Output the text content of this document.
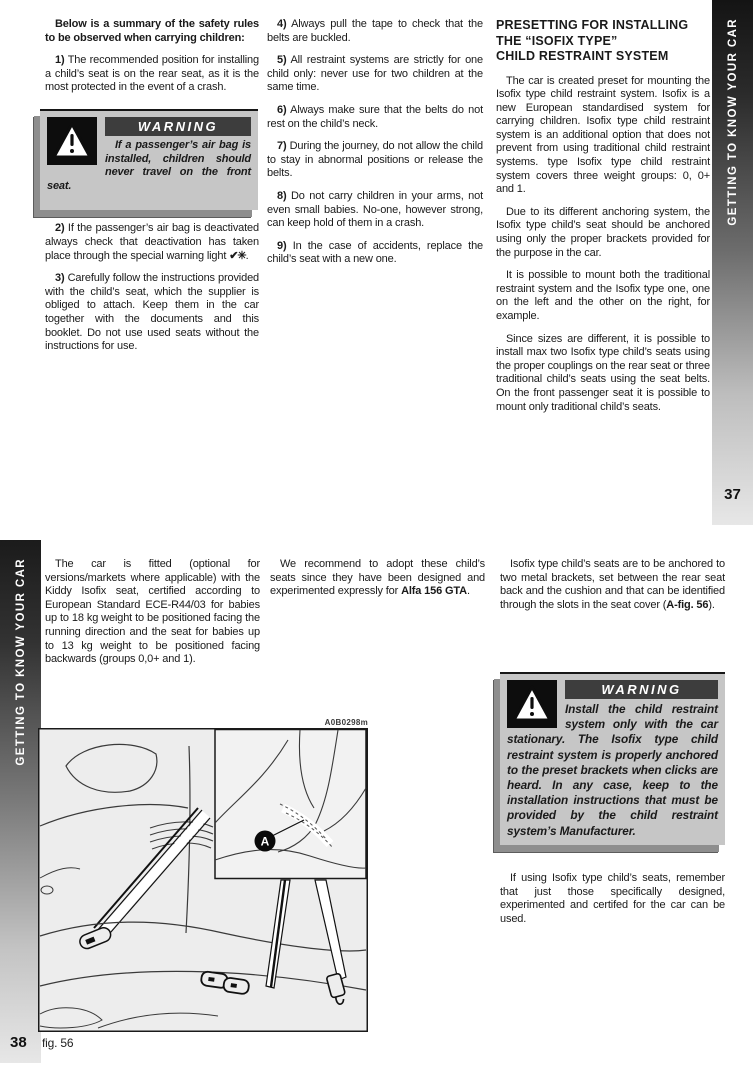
Below is a summary of the safety rules to be observed when carrying children:

1) The recommended position for installing a child’s seat is on the rear seat, as it is the most protected in the event of a crash.

WARNING

If a passenger’s air bag is installed, children should never travel on the front seat.

2) If the passenger’s air bag is deactivated always check that deactivation has taken place through the special warning light ✔✳.

3) Carefully follow the instructions provided with the child’s seat, which the supplier is obliged to attach. Keep them in the car together with the documents and this booklet. Do not use used seats without the instructions for use.

4) Always pull the tape to check that the belts are buckled.

5) All restraint systems are strictly for one child only: never use for two children at the same time.

6) Always make sure that the belts do not rest on the child’s neck.

7) During the journey, do not allow the child to stay in abnormal positions or release the belts.

8) Do not carry children in your arms, not even small babies. No-one, however strong, can keep hold of them in a crash.

9) In the case of accidents, replace the child’s seat with a new one.

PRESETTING FOR INSTALLING
THE “ISOFIX TYPE”
CHILD RESTRAINT SYSTEM

The car is created preset for mounting the Isofix type child restraint system. Isofix is a new European standardised system for carrying children. Isofix type child restraint system is an additional option that does not prevent from using traditional child restraint systems. type Isofix type child restraint system covers three weight groups: 0, 0+ and 1.

Due to its different anchoring system, the Isofix type child’s seat should be anchored using only the proper brackets provided for the purpose in the car.

It is possible to mount both the traditional restraint system and the Isofix type one, one on the left and the other on the right, for example.

Since sizes are different, it is possible to install max two Isofix type child’s seats using the proper couplings on the rear seat or three traditional child’s seats using the seat belts. On the front passenger seat it is possible to mount only traditional child’s seats.

GETTING TO KNOW YOUR CAR
37
GETTING TO KNOW YOUR CAR
38

The car is fitted (optional for versions/markets where applicable) with the Kiddy Isofix seat, certified according to European Standard ECE-R44/03 for babies up to 18 kg weight to be positioned facing the running direction and the seat for babies up to 13 kg weight to be positioned facing backwards (groups 0,0+ and 1).

A0B0298m
A
fig. 56

We recommend to adopt these child’s seats since they have been designed and experimented expressly for Alfa 156 GTA.

Isofix type child’s seats are to be anchored to two metal brackets, set between the rear seat back and the cushion and that can be identified through the slots in the seat cover (A-fig. 56).

WARNING

Install the child restraint system only with the car stationary. The Isofix type child restraint system is properly anchored to the preset brackets when clicks are heard. In any case, keep to the installation instructions that must be provided by the child restraint system’s Manufacturer.

If using Isofix type child’s seats, remember that just those specifically designed, experimented and certifed for the car can be used.
